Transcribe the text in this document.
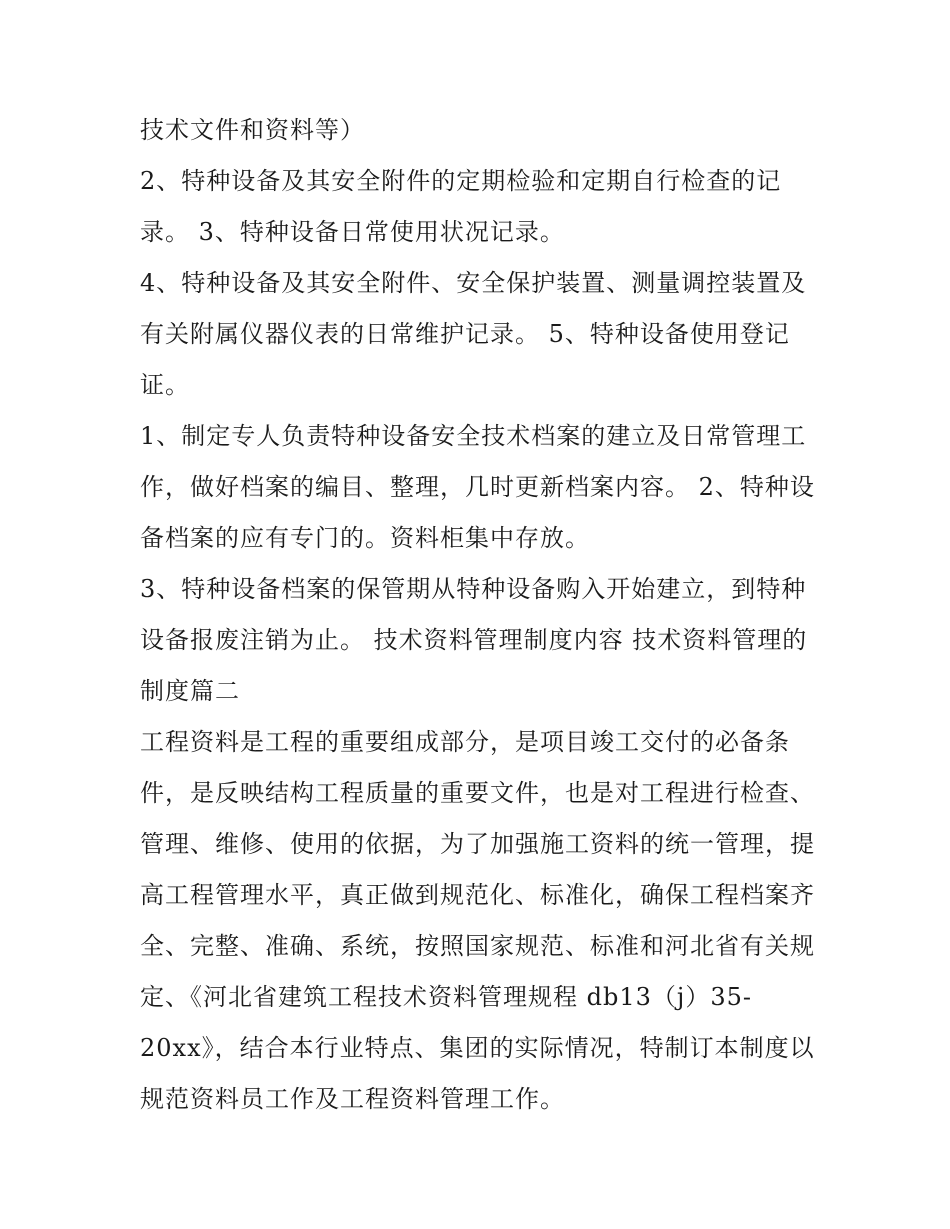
技术文件和资料等）
2、特种设备及其安全附件的定期检验和定期自行检查的记
录。 3、特种设备日常使用状况记录。
4、特种设备及其安全附件、安全保护装置、测量调控装置及
有关附属仪器仪表的日常维护记录。 5、特种设备使用登记
证。
1、制定专人负责特种设备安全技术档案的建立及日常管理工
作，做好档案的编目、整理，几时更新档案内容。 2、特种设
备档案的应有专门的。资料柜集中存放。
3、特种设备档案的保管期从特种设备购入开始建立，到特种
设备报废注销为止。 技术资料管理制度内容 技术资料管理的
制度篇二
工程资料是工程的重要组成部分，是项目竣工交付的必备条
件，是反映结构工程质量的重要文件，也是对工程进行检查、
管理、维修、使用的依据，为了加强施工资料的统一管理，提
高工程管理水平，真正做到规范化、标准化，确保工程档案齐
全、完整、准确、系统，按照国家规范、标准和河北省有关规
定、《河北省建筑工程技术资料管理规程 db13（j）35-
20xx》，结合本行业特点、集团的实际情况，特制订本制度以
规范资料员工作及工程资料管理工作。
